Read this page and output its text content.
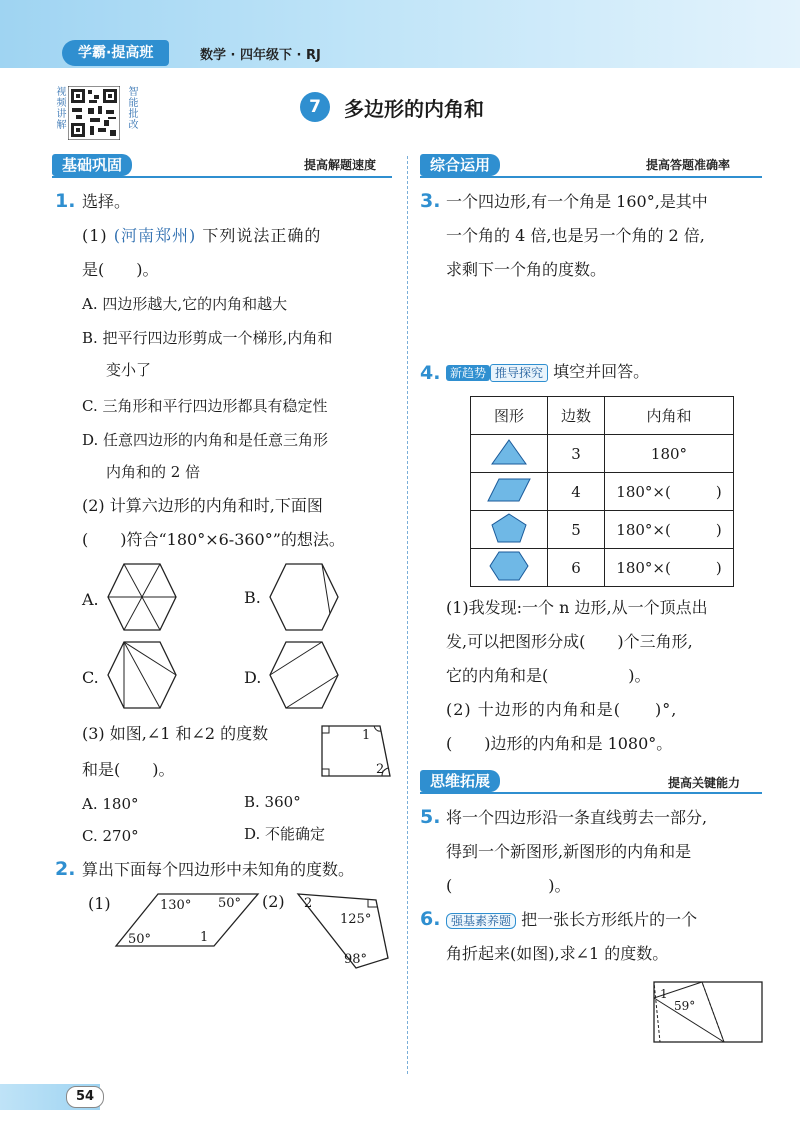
学霸·提高班	数学 · 四年级下 · RJ
视频讲解	智能批改	7	多边形的内角和
基础巩固	提高解题速度	综合运用	提高答题准确率
1. 选择。
(1) (河南郑州) 下列说法正确的
是(　　)。
A. 四边形越大,它的内角和越大
B. 把平行四边形剪成一个梯形,内角和
变小了
C. 三角形和平行四边形都具有稳定性
D. 任意四边形的内角和是任意三角形
内角和的 2 倍
(2) 计算六边形的内角和时,下面图
(　　)符合“180°×6-360°”的想法。
A.	B.
C.	D.
(3) 如图,∠1 和∠2 的度数
和是(　　)。
1
2
A. 180°	B. 360°
C. 270°	D. 不能确定
2. 算出下面每个四边形中未知角的度数。
(1)	130° 50°
50°	1
(2) 2
125°
98°
3. 一个四边形,有一个角是 160°,是其中
一个角的 4 倍,也是另一个角的 2 倍,
求剩下一个角的度数。
4. 新趋势 推导探究 填空并回答。
图形	边数	内角和
	3	180°
	4	180°×(　　　)
	5	180°×(　　　)
	6	180°×(　　　)
(1)我发现:一个 n 边形,从一个顶点出
发,可以把图形分成(　　)个三角形,
它的内角和是(　　　　　)。
(2) 十边形的内角和是(　　)°,
(　　)边形的内角和是 1080°。
思维拓展	提高关键能力
5. 将一个四边形沿一条直线剪去一部分,
得到一个新图形,新图形的内角和是
(　　　　　　)。
6. 强基素养题 把一张长方形纸片的一个
角折起来(如图),求∠1 的度数。
1
59°
54
